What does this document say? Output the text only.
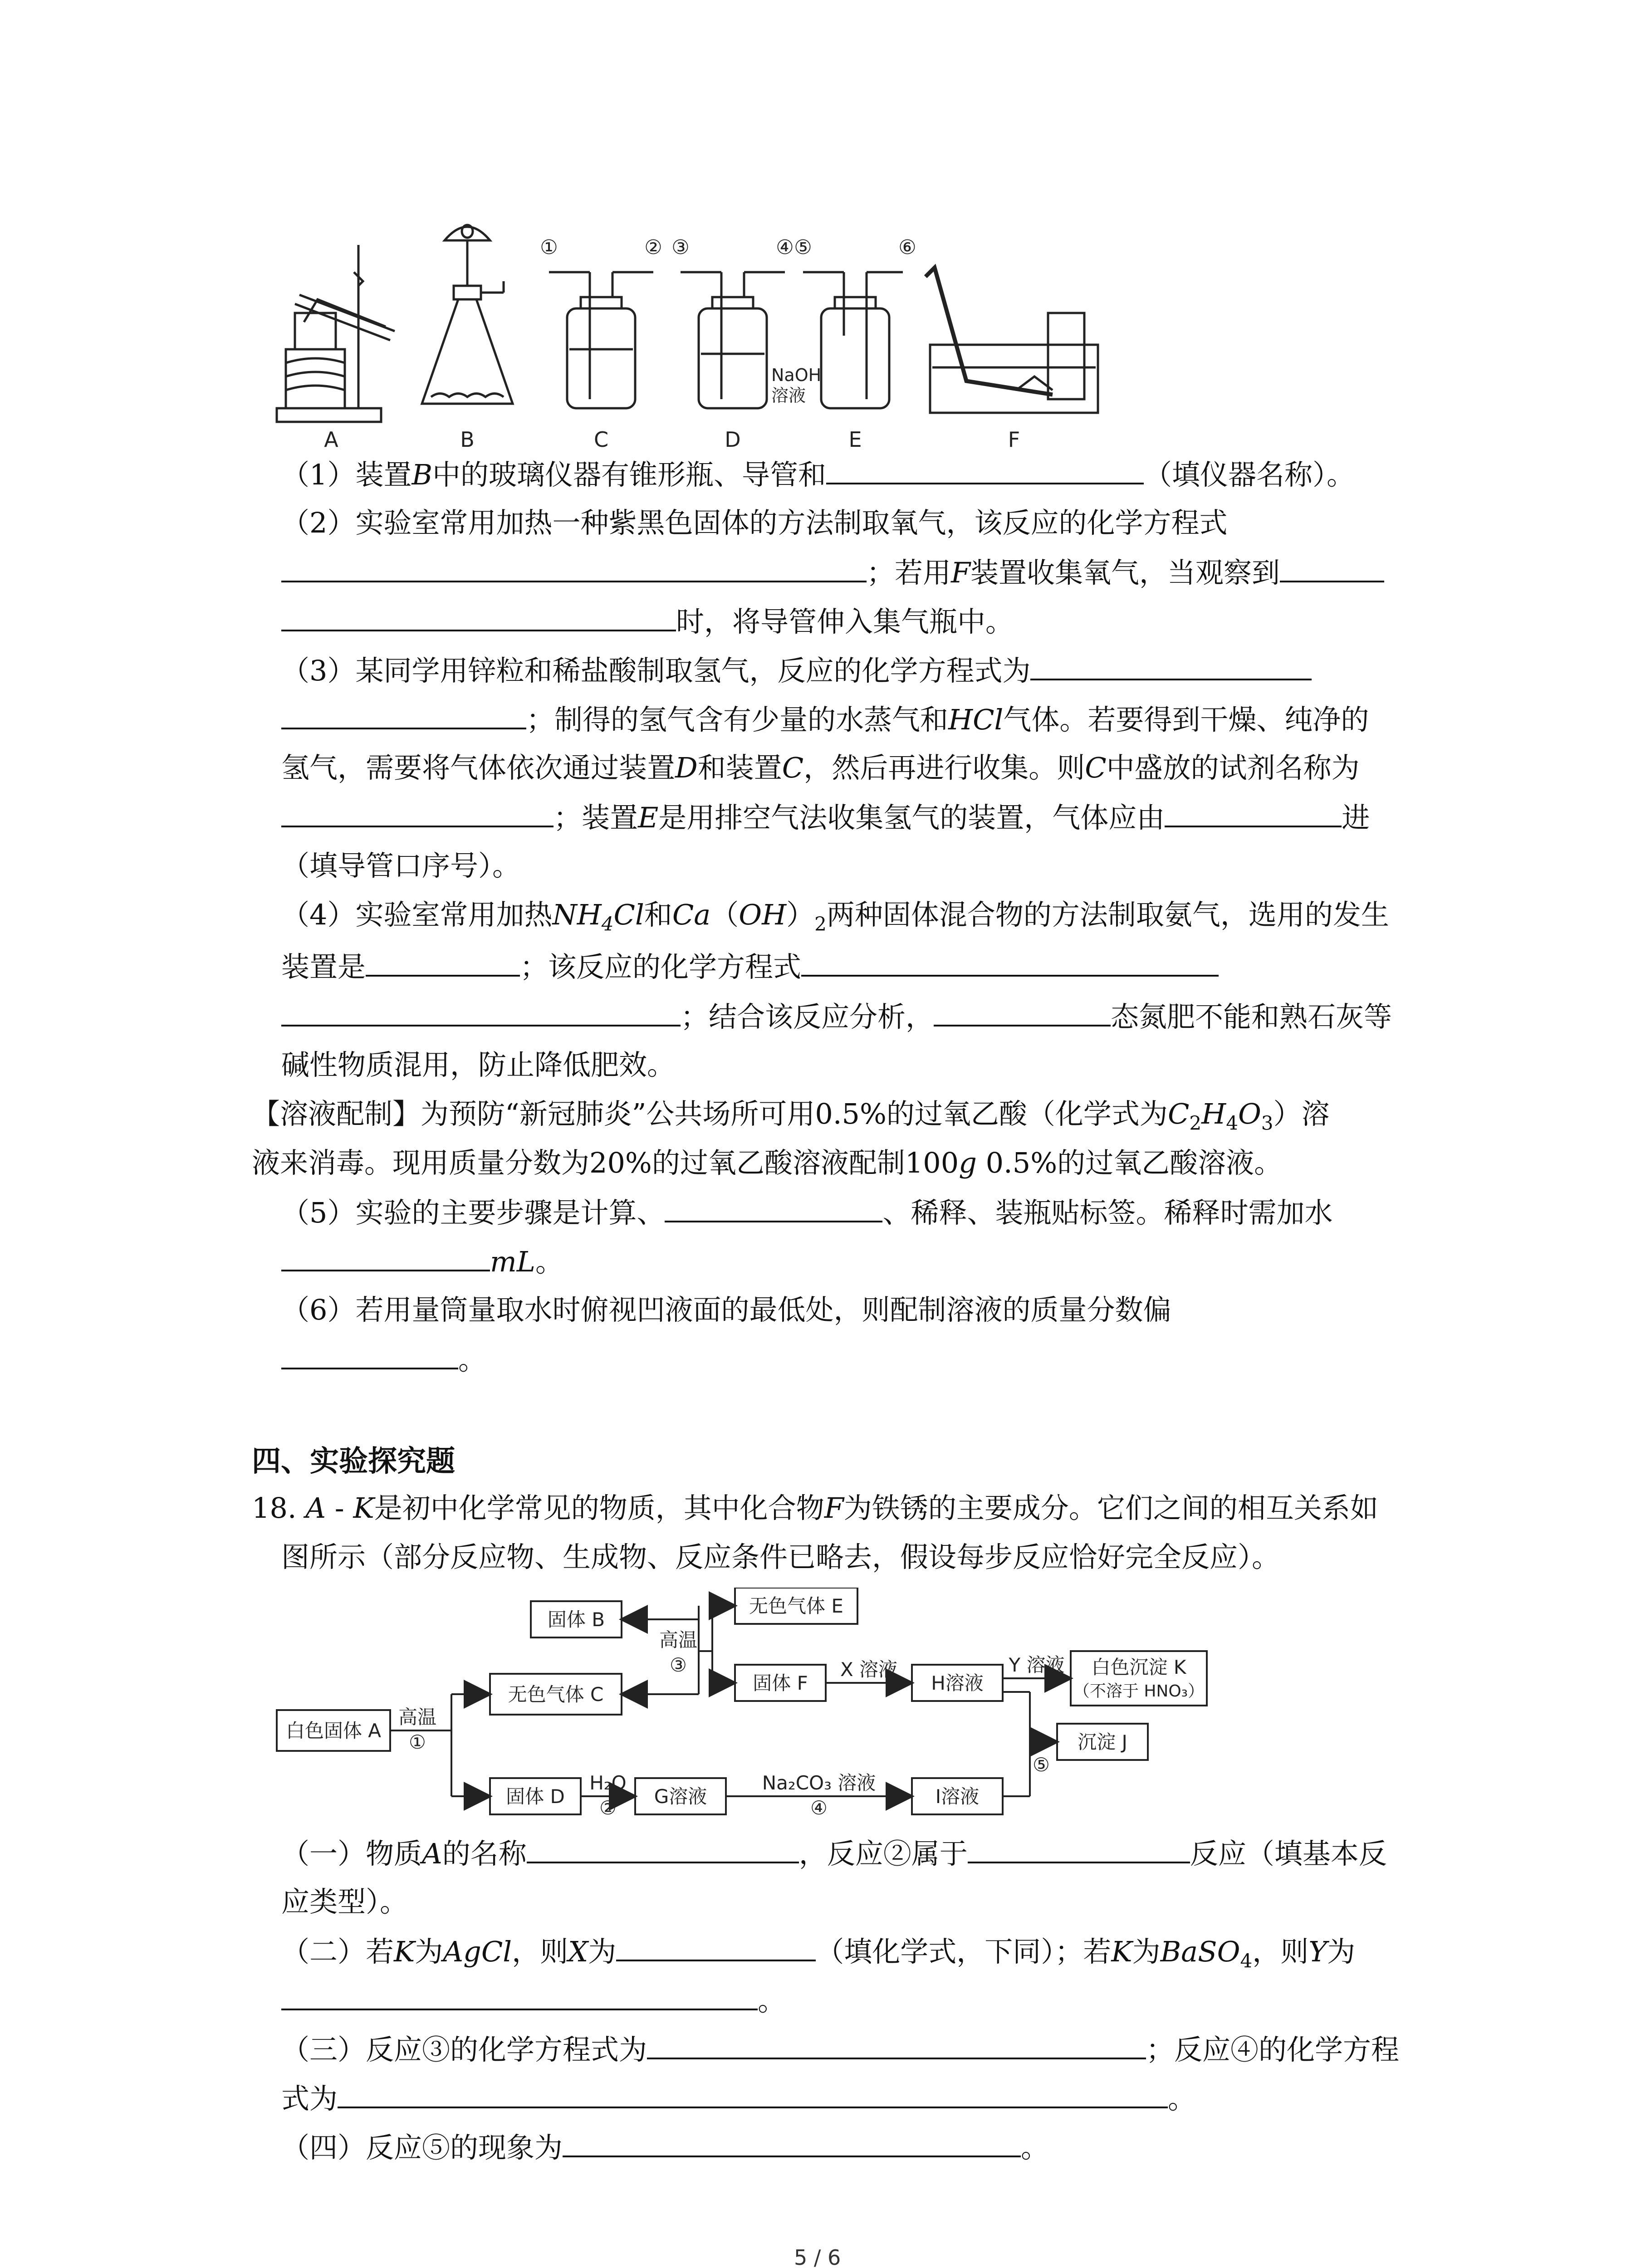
A	B	C	D	E	F
①	② ③	④ ⑤	⑥
NaOH
溶液
（1）装置B中的玻璃仪器有锥形瓶、导管和	（填仪器名称）。
（2）实验室常用加热一种紫黑色固体的方法制取氧气，该反应的化学方程式
；若用F装置收集氧气，当观察到
时，将导管伸入集气瓶中。
（3）某同学用锌粒和稀盐酸制取氢气，反应的化学方程式为
；制得的氢气含有少量的水蒸气和HCl气体。若要得到干燥、纯净的
氢气，需要将气体依次通过装置D和装置C，然后再进行收集。则C中盛放的试剂名称为
；装置E是用排空气法收集氢气的装置，气体应由	进
（填导管口序号）。
（4）实验室常用加热$NH_4Cl$和$Ca(OH)_2$两种固体混合物的方法制取氨气，选用的发生
装置是	；该反应的化学方程式
；结合该反应分析，	态氮肥不能和熟石灰等
碱性物质混用，防止降低肥效。
【溶液配制】为预防“新冠肺炎”公共场所可用0.5%的过氧乙酸（化学式为$C_2H_4O_3$）溶
液来消毒。现用质量分数为20%的过氧乙酸溶液配制100g 0.5%的过氧乙酸溶液。
（5）实验的主要步骤是计算、	、稀释、装瓶贴标签。稀释时需加水
mL。
（6）若用量筒量取水时俯视凹液面的最低处，则配制溶液的质量分数偏
。
四、实验探究题
18. A - K是初中化学常见的物质，其中化合物F为铁锈的主要成分。它们之间的相互关系如
图所示（部分反应物、生成物、反应条件已略去，假设每步反应恰好完全反应）。
白色固体 A
固体 B
无色气体 C
固体 D
无色气体 E
固体 F
G溶液
H溶液
I溶液
沉淀 J
白色沉淀 K
（不溶于 HNO₃）
高温
①
高温
③
H₂O
②
Na₂CO₃ 溶液
④
X 溶液	Y 溶液
⑤
（一）物质A的名称	，反应②属于	反应（填基本反
应类型）。
（二）若K为AgCl，则X为	（填化学式，下同）；若K为BaSO$_4$，则Y为
。
（三）反应③的化学方程式为	；反应④的化学方程
式为	。
（四）反应⑤的现象为	。
5 / 6
